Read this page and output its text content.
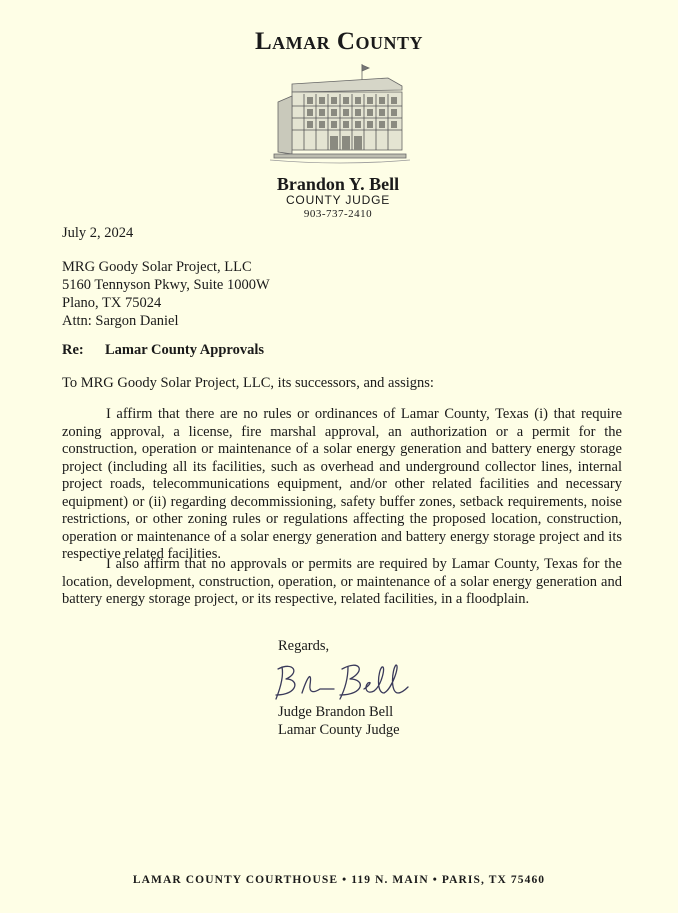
Lamar County
Brandon Y. Bell
COUNTY JUDGE
903-737-2410
July 2, 2024
MRG Goody Solar Project, LLC
5160 Tennyson Pkwy, Suite 1000W
Plano, TX 75024
Attn: Sargon Daniel
Re: Lamar County Approvals
To MRG Goody Solar Project, LLC, its successors, and assigns:
I affirm that there are no rules or ordinances of Lamar County, Texas (i) that require zoning approval, a license, fire marshal approval, an authorization or a permit for the construction, operation or maintenance of a solar energy generation and battery energy storage project (including all its facilities, such as overhead and underground collector lines, internal project roads, telecommunications equipment, and/or other related facilities and necessary equipment) or (ii) regarding decommissioning, safety buffer zones, setback requirements, noise restrictions, or other zoning rules or regulations affecting the proposed location, construction, operation or maintenance of a solar energy generation and battery energy storage project and its respective related facilities.
I also affirm that no approvals or permits are required by Lamar County, Texas for the location, development, construction, operation, or maintenance of a solar energy generation and battery energy storage project, or its respective, related facilities, in a floodplain.
Regards,
Judge Brandon Bell
Lamar County Judge
LAMAR COUNTY COURTHOUSE • 119 N. MAIN • PARIS, TX 75460
